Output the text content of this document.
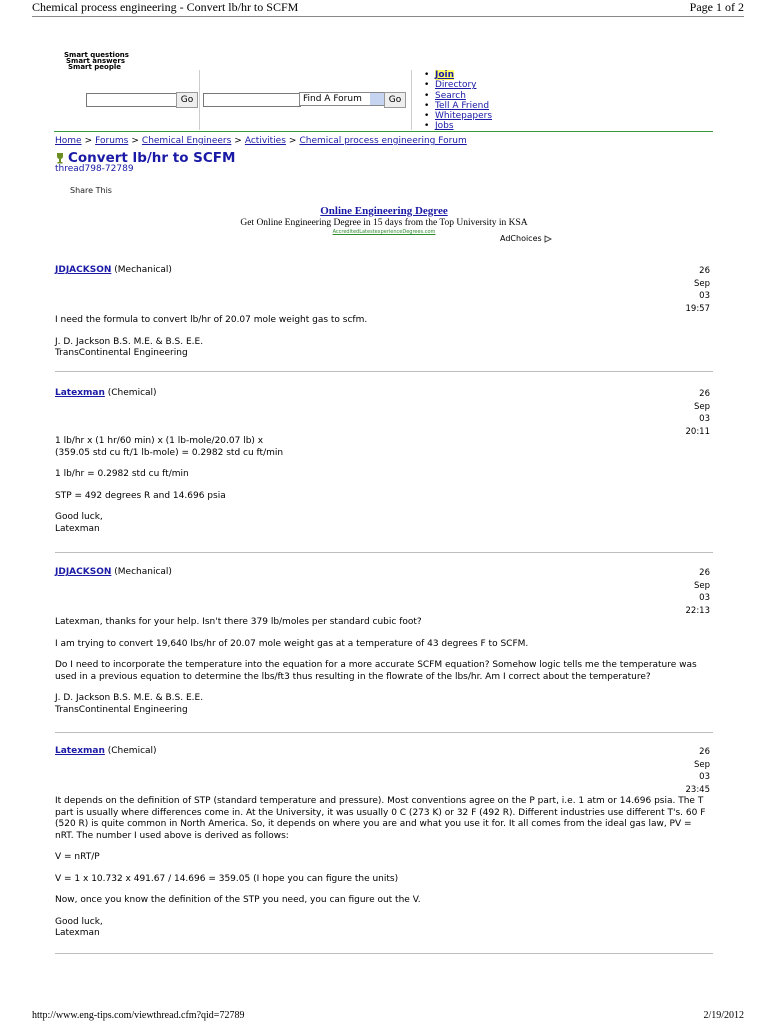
Chemical process engineering - Convert lb/hr to SCFM	Page 1 of 2
Smart questions
Smart answers
Smart people
Go	Find A Forum	Go
• Join
• Directory
• Search
• Tell A Friend
• Whitepapers
• Jobs
Home > Forums > Chemical Engineers > Activities > Chemical process engineering Forum
Convert lb/hr to SCFM
thread798-72789
Share This
Online Engineering Degree
Get Online Engineering Degree in 15 days from the Top University in KSA
AccreditedLatestexperienceDegrees.com
AdChoices
JDJACKSON (Mechanical)	26
Sep
03
19:57

I need the formula to convert lb/hr of 20.07 mole weight gas to scfm.

J. D. Jackson B.S. M.E. & B.S. E.E.
TransContinental Engineering

Latexman (Chemical)	26
Sep
03
20:11

1 lb/hr x (1 hr/60 min) x (1 lb-mole/20.07 lb) x
(359.05 std cu ft/1 lb-mole) = 0.2982 std cu ft/min

1 lb/hr = 0.2982 std cu ft/min

STP = 492 degrees R and 14.696 psia

Good luck,
Latexman

JDJACKSON (Mechanical)	26
Sep
03
22:13

Latexman, thanks for your help. Isn't there 379 lb/moles per standard cubic foot?

I am trying to convert 19,640 lbs/hr of 20.07 mole weight gas at a temperature of 43 degrees F to SCFM.

Do I need to incorporate the temperature into the equation for a more accurate SCFM equation? Somehow logic tells me the temperature was used in a previous equation to determine the lbs/ft3 thus resulting in the flowrate of the lbs/hr. Am I correct about the temperature?

J. D. Jackson B.S. M.E. & B.S. E.E.
TransContinental Engineering

Latexman (Chemical)	26
Sep
03
23:45

It depends on the definition of STP (standard temperature and pressure). Most conventions agree on the P part, i.e. 1 atm or 14.696 psia. The T part is usually where differences come in. At the University, it was usually 0 C (273 K) or 32 F (492 R). Different industries use different T's. 60 F (520 R) is quite common in North America. So, it depends on where you are and what you use it for. It all comes from the ideal gas law, PV = nRT. The number I used above is derived as follows:

V = nRT/P

V = 1 x 10.732 x 491.67 / 14.696 = 359.05 (I hope you can figure the units)

Now, once you know the definition of the STP you need, you can figure out the V.

Good luck,
Latexman

http://www.eng-tips.com/viewthread.cfm?qid=72789	2/19/2012
